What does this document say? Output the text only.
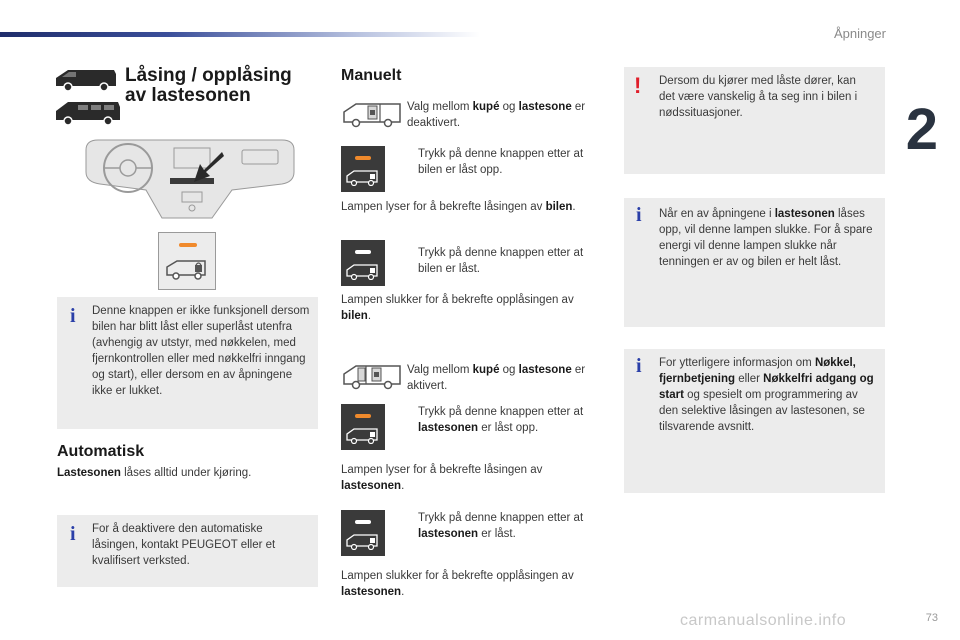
Åpninger
2
73
carmanualsonline.info
Låsing / opplåsing
av lastesonen
i Denne knappen er ikke funksjonell dersom bilen har blitt låst eller superlåst utenfra (avhengig av utstyr, med nøkkelen, med fjernkontrollen eller med nøkkelfri inngang og start), eller dersom en av åpningene ikke er lukket.
Automatisk
Lastesonen låses alltid under kjøring.
i For å deaktivere den automatiske låsingen, kontakt PEUGEOT eller et kvalifisert verksted.
Manuelt
Valg mellom kupé og lastesone er deaktivert.
Trykk på denne knappen etter at bilen er låst opp.
Lampen lyser for å bekrefte låsingen av bilen.
Trykk på denne knappen etter at bilen er låst.
Lampen slukker for å bekrefte opplåsingen av bilen.
Valg mellom kupé og lastesone er aktivert.
Trykk på denne knappen etter at lastesonen er låst opp.
Lampen lyser for å bekrefte låsingen av lastesonen.
Trykk på denne knappen etter at lastesonen er låst.
Lampen slukker for å bekrefte opplåsingen av lastesonen.
! Dersom du kjører med låste dører, kan det være vanskelig å ta seg inn i bilen i nødssituasjoner.
i Når en av åpningene i lastesonen låses opp, vil denne lampen slukke. For å spare energi vil denne lampen slukke når tenningen er av og bilen er helt låst.
i For ytterligere informasjon om Nøkkel, fjernbetjening eller Nøkkelfri adgang og start og spesielt om programmering av den selektive låsingen av lastesonen, se tilsvarende avsnitt.
